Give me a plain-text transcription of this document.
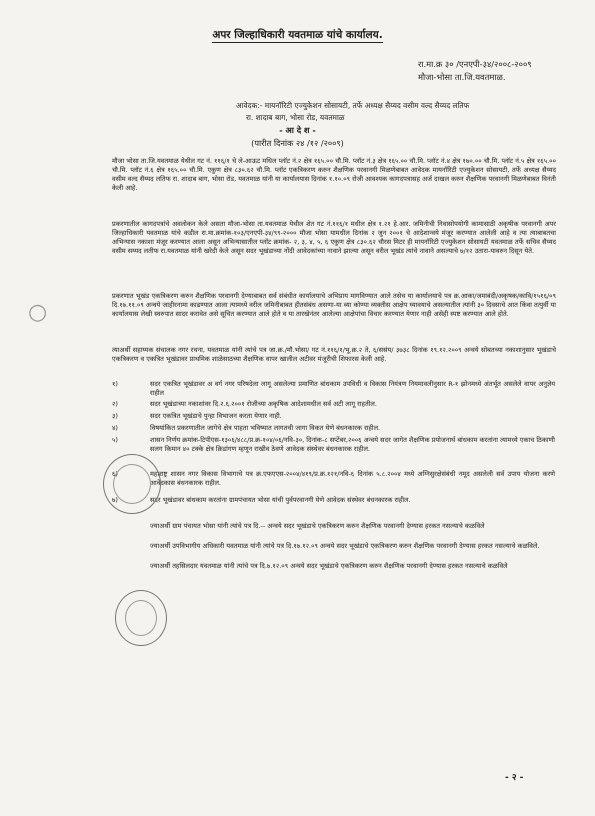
अपर जिल्हाधिकारी यवतमाळ यांचे कार्यालय.
रा.मा.क्र ३० /एनएपी-३४/२००८-२००९
मौजा-भोसा ता.जि.यवतमाळ.
आवेदक:- मायनॉरिटी एज्युकेशन सोसायटी, तर्फे अध्यक्ष सैय्यद वसीम वल्द सैय्यद लतिफ
रा. शादाब बाग, भोसा रोड, यवतमाळ
- आ दे श -
(पारीत दिनांक २४ /१२ /२००९)
मौजा भोसा ता.जि.यवतमाळ येथील गट नं. ११६/१ चे ले-आऊट मधिल प्लॉट नं.२ क्षेत्र १६५.०० चौ.मि. प्लॉट नं.३ क्षेत्र १६५.०० चौ.मि. प्लॉट नं.४ क्षेत्र १७०.०० चौ.मि. प्लॉट नं.५ क्षेत्र १६५.०० चौ.मि. प्लॉट नं.६ क्षेत्र १६५.०० चौ.मि. एकुण क्षेत्र ८३०.६२ चौ.मि. प्लॉट एकत्रिकरण करुन शैक्षणिक परवानगी मिळणेबाबत आवेदक मायनॉरिटी एज्युकेशन सोसायटी, तर्फे अध्यक्ष सैय्यद वसीम वल्द सैय्यद लतिफ रा. शादाब बाग, भोसा रोड, यवतमाळ यांनी या कार्यालयास दिनांक १.१०.०९ रोजी आवश्यक कागदपत्रासह अर्ज दाखल करुन शैक्षणिक परवानगी मिळणेबाबत विनंती केली आहे.
प्रकरणातील कागदपत्रांचे अवलोकन केले असता मौजा-भोसा ता.यवतमाळ येथील शेत गट नं.११६/१ मधील क्षेत्र १.२१ हे.आर. जमिनीची निवासोपयोगी कामासाठी अकृषीक परवानगी अपर जिल्हाधिकारी यवतमाळ यांचे कडील रा.मा.क्रमांक-१०३/एनएपी-३४/९९-२००० मौजा भोसा यामधील दिनांक २ जुन २००१ चे आदेशान्वये मंजूर करण्यात आलेली आहे व त्या त्याबाबतचा अभिन्यास नकाशा मंजूर करण्यात आला असून अभिन्यासातील प्लॉट क्रमांक- २, ३, ४, ५, ६ एकुण क्षेत्र ८३०.६२ चौरस मिटर ही मायनॉरिटी एज्युकेशन सोसायटी यवतमाळ तर्फे सचिव सैय्यद वसीम सय्यद लतीफ रा.यवतमाळ यांनी खरेदी केले असून सदर भूखंडाच्या नोंदी आवेदकांच्या नावाने झाल्या असून वरील भूखंड त्यांचे नावाने असल्याचे ७/१२ उतारा-यावरुन दिसून येते.
प्रकरणात भूखंड एकत्रिकरण करुन शैक्षणिक परवानगी देण्याबाबत सर्व संबंधीत कार्यालयाचे अभिप्राय मागविण्यात आले तसेच या कार्यालयाचे पत्र क्र.आका/जमाबंदी/अकृषक/कावि/१५१६/०९ दि.१७.११.०९ अन्वये जाहीरनामा काढण्यात आला त्यामध्ये वरील जमिनीबाबत हीतसंबंध असणा-या व्या कोण्या व्यक्तीस आक्षेप घ्यावयाचे असल्यातील त्यांनी ३० दिवसाचे आत किंवा तत्पुर्वी या कार्यालयास लेखी स्वरुपात सादर करावेत असे सूचित करण्यात आले होते व या तारखेनंतर आलेल्या आक्षेपांचा विचार करण्यात येणार नाही असेही स्पष्ट करण्यात आले होते.
त्याअर्थी सहाय्यक संचालक नगर रचना, यवतमाळ यांनी त्यांचे पत्र जा.क्र./मौ.भोसा/ गट नं.११६/१/भू.क्र.२ ते, ६/ससंय/ ३७३८ दिनांक १९.१२.२००९ अन्वये सोबतच्या नकाशानुसार भूखंडाचे एकत्रिकरण व एकत्रित भूखंडावर प्राथमिक शाळेसाठच्या शैक्षणिक वापर खालील अटीवर मंजूरीची शिफारस केली आहे.
१)	सदर एकत्रित भूखंडावर अ वर्ग नगर परिषदेला लागू असलेल्या प्रमाणित बांधकाम उपविधी व विकास नियंत्रण नियमावलीनुसार R-१ झोनमध्ये अंतर्भूत असलेले वापर अनुज्ञेय राहील
२)	सदर भूखंडाच्या नकाशांवर दि.२.६.२००१ रोजीच्या अकृषिक आदेशामधील सर्व अटी लागू राहतील.
३)	सदर एकत्रित भूखंडाचे पुन्हा विभाजन करता येणार नाही.
४)	विषयांकित प्रकरणातील जागेचे क्षेत्र पाहता भविष्यात लागतची जागा विकत घेणे बंधनकारक राहील.
५)	शासन निर्णय क्रमांक-टिपीएस-१३०६/४८८/प्र.क्र-१०४/०६/नवि-३०, दिनांक-८ सप्टेंबर,२००६ अन्वये सदर जागेत शैक्षणिक प्रयोजनार्थ बांधकाम करतांना त्यामध्ये एकाच ठिकाणी सलग किमान ४० टक्के क्षेत्र क्रिडांगण म्हणून राखीव ठेवणे आवेदक संस्थेवर बंधनकारक राहील.
६)	महाराष्ट्र शासन नगर विकास विभागाचे पत्र क्र.एफएएस-२००४/४१९/प्र.क्र.१२१/नवि-६ दिनांक ५.८.२००४ मध्ये अग्निसुरक्षेसंबंधी नमूद असलेली सर्व उपाय योजना करणे आवेदकास बंधनकारक राहील.
७)	सदर भूखंडावर बांधकाम करतांना ग्रामपंचायत भोसा यांची पुर्वपरवानगी घेणे आवेदक संस्थेवर बंधनकारक राहील.
ज्याअर्थी ग्राम पंचायत भोसा यांनी त्यांचे पत्र दि.-- अन्वये सदर भूखंडाचे एकत्रिकरण करुन शैक्षणिक परवानगी देण्यास हरकत नसल्याचे कळविले
ज्याअर्थी उपविभागीय अधिकारी यवतमाळ यांनी त्यांचे पत्र दि.१७.१२.०९ अन्वये सदर भूखंडाचे एकत्रिकरण करुन शैक्षणिक परवानगी देण्यास हरकत नसल्याचे कळविले.
ज्याअर्थी तहसिलदार यवतमाळ यांनी त्यांचे पत्र दि.७.१२.०९ अन्वये सदर भूखंडाचे एकत्रिकरण करुन शैक्षणिक परवानगी देण्यास हरकत नसल्याचे कळविले
○
- २ -
